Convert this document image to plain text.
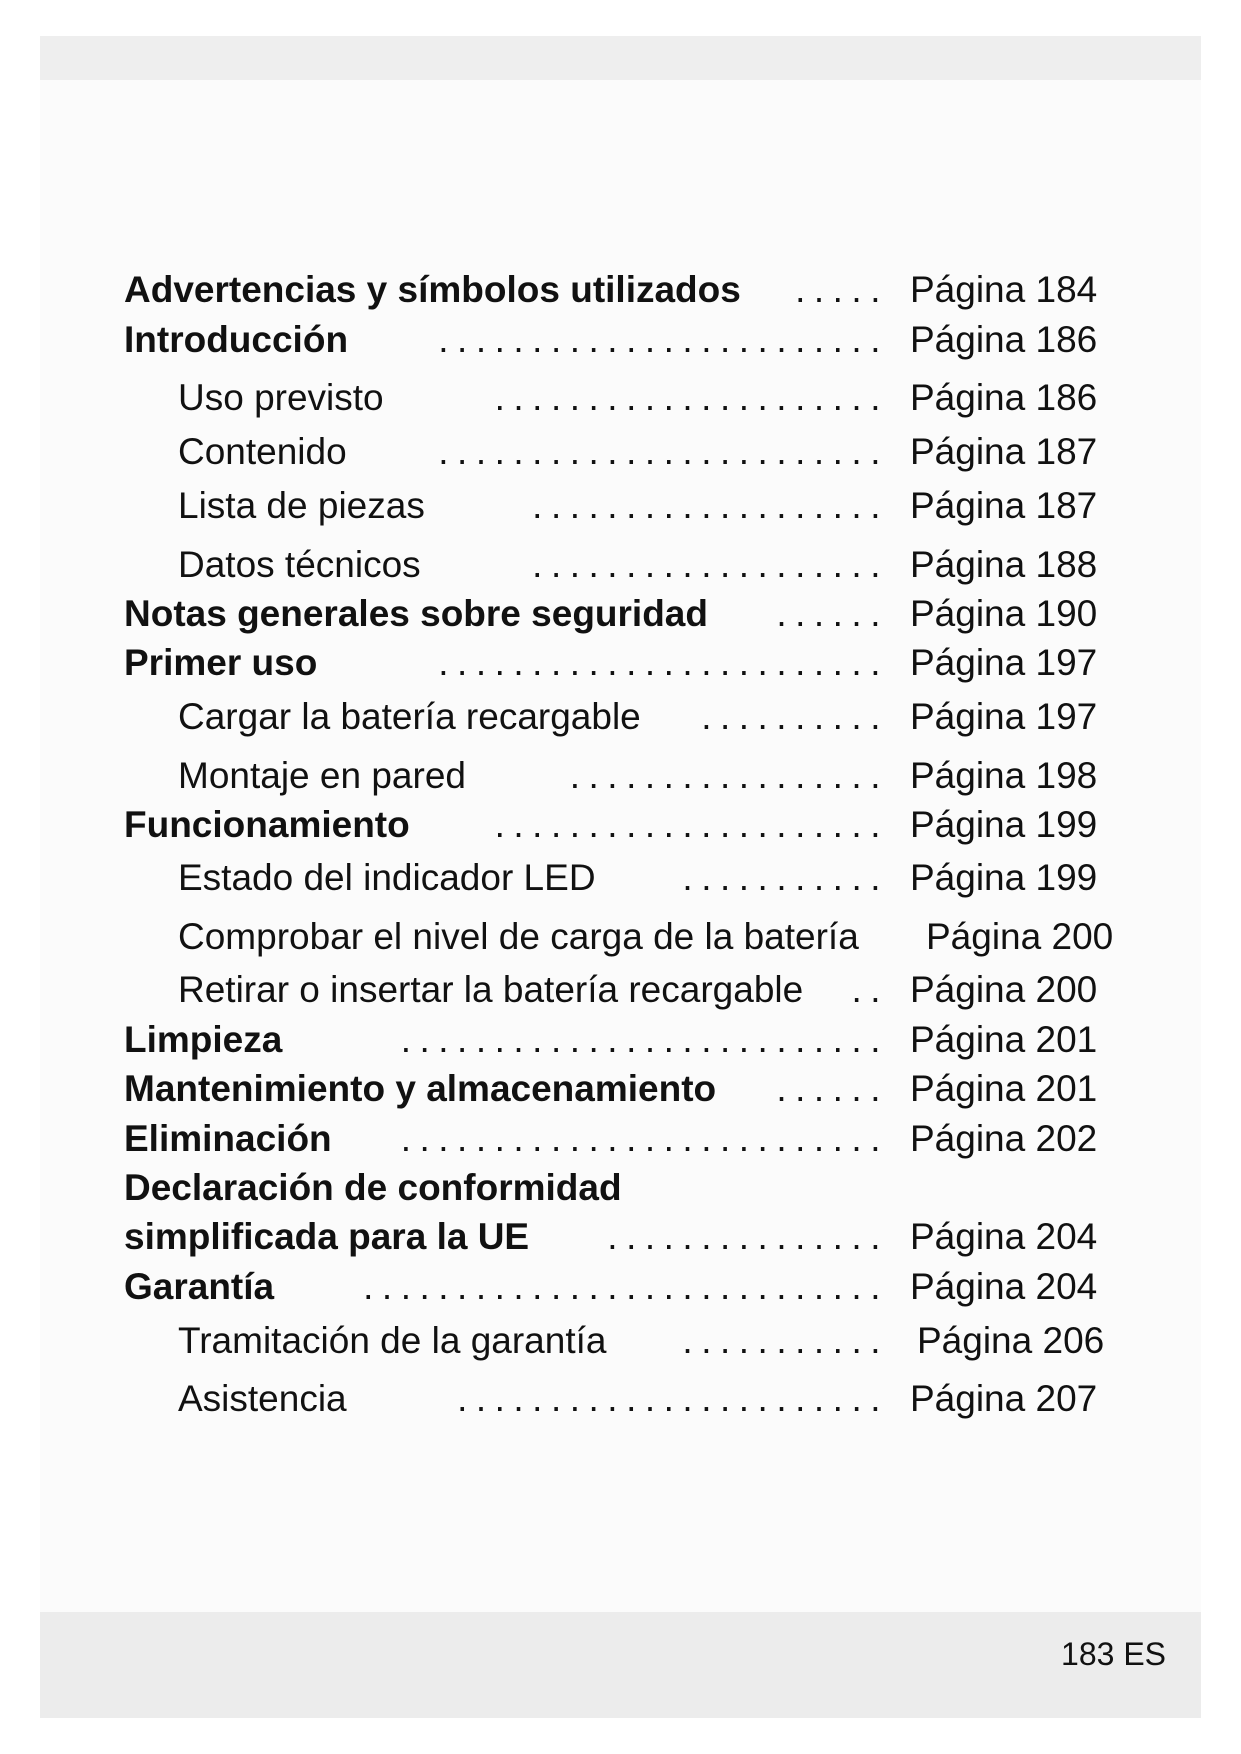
Advertencias y símbolos utilizados ..... Página 184
Introducción ........................ Página 186
Uso previsto	..................... Página 186
Contenido ........................ Página 187
Lista de piezas	................... Página 187
Datos técnicos	................... Página 188
Notas generales sobre seguridad ...... Página 190
Primer uso	........................ Página 197
Cargar la batería recargable .......... Página 197
Montaje en pared	................. Página 198
Funcionamiento ..................... Página 199
Estado del indicador LED ........... Página 199
Comprobar el nivel de carga de la batería Página 200
Retirar o insertar la batería recargable .. Página 200
Limpieza	.......................... Página 201
Mantenimiento y almacenamiento ...... Página 201
Eliminación .......................... Página 202
Declaración de conformidad
simplificada para la UE ............... Página 204
Garantía ............................ Página 204
Tramitación de la garantía ........... Página 206
Asistencia	....................... Página 207
183 ES
